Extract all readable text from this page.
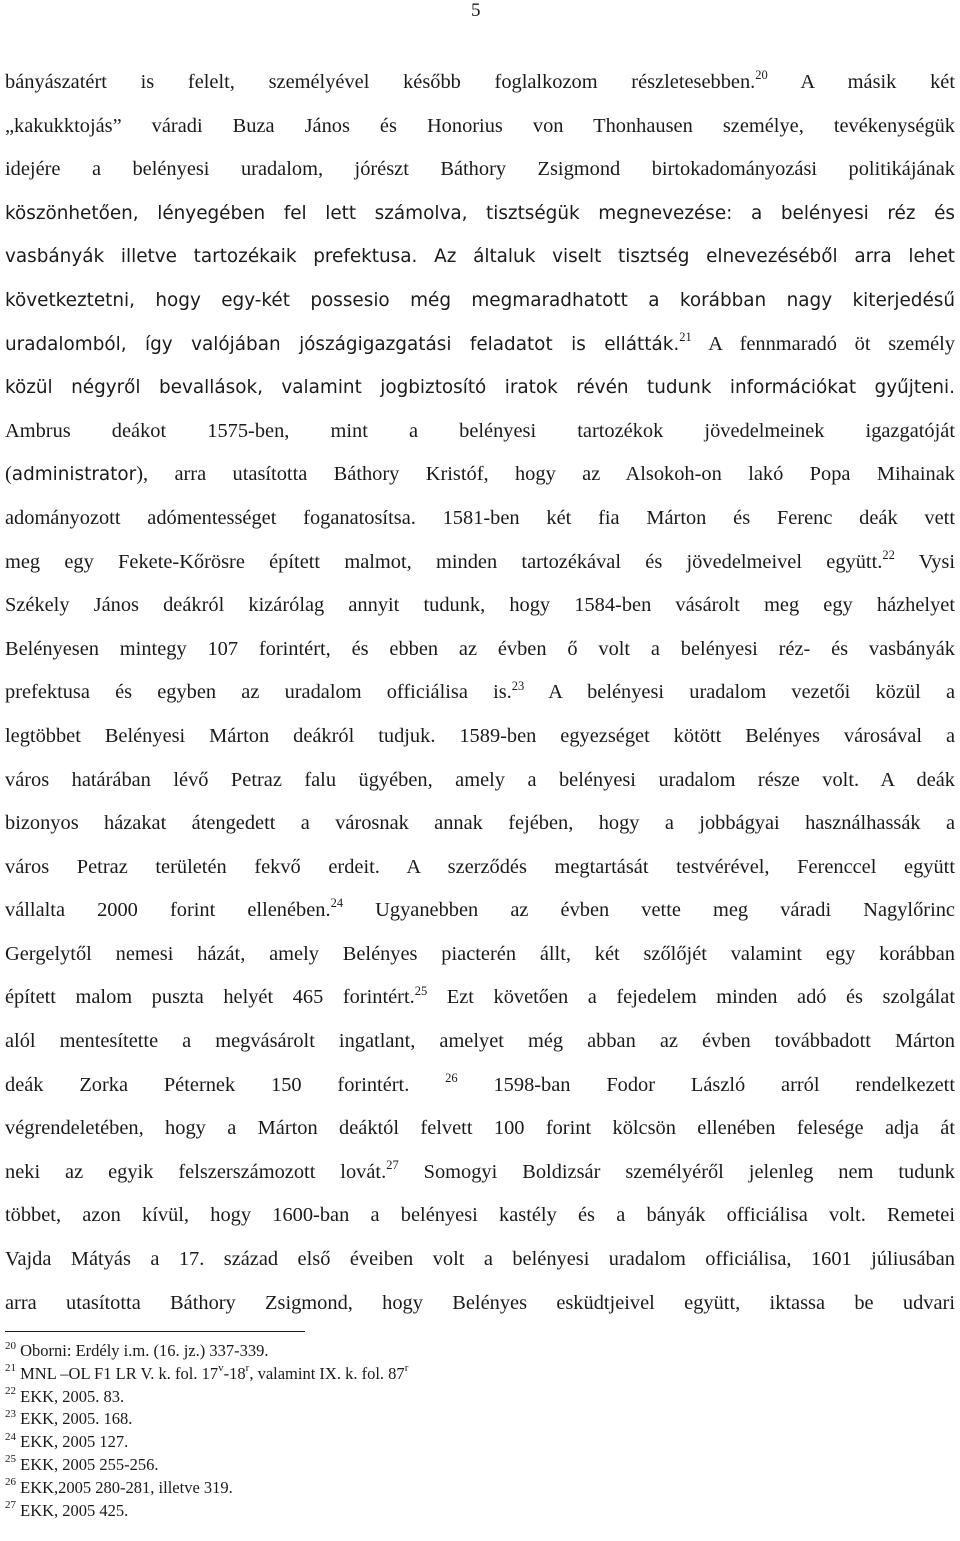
5
bányászatért is felelt, személyével később foglalkozom részletesebben.$^{20}$ A másik két
„kakukktojás” váradi Buza János és Honorius von Thonhausen személye, tevékenységük
idejére a belényesi uradalom, jórészt Báthory Zsigmond birtokadományozási politikájának
köszönhetően, lényegében fel lett számolva, tisztségük megnevezése: a belényesi réz és
vasbányák illetve tartozékaik prefektusa. Az általuk viselt tisztség elnevezéséből arra lehet
következtetni, hogy egy-két possesio még megmaradhatott a korábban nagy kiterjedésű
uradalomból, így valójában jószágigazgatási feladatot is ellátták.$^{21}$ A fennmaradó öt személy
közül négyről bevallások, valamint jogbiztosító iratok révén tudunk információkat gyűjteni.
Ambrus deákot 1575-ben, mint a belényesi tartozékok jövedelmeinek igazgatóját
(administrator), arra utasította Báthory Kristóf, hogy az Alsokoh-on lakó Popa Mihainak
adományozott adómentességet foganatosítsa. 1581-ben két fia Márton és Ferenc deák vett
meg egy Fekete-Kőrösre épített malmot, minden tartozékával és jövedelmeivel együtt.$^{22}$ Vysi
Székely János deákról kizárólag annyit tudunk, hogy 1584-ben vásárolt meg egy házhelyet
Belényesen mintegy 107 forintért, és ebben az évben ő volt a belényesi réz- és vasbányák
prefektusa és egyben az uradalom officiálisa is.$^{23}$ A belényesi uradalom vezetői közül a
legtöbbet Belényesi Márton deákról tudjuk. 1589-ben egyezséget kötött Belényes városával a
város határában lévő Petraz falu ügyében, amely a belényesi uradalom része volt. A deák
bizonyos házakat átengedett a városnak annak fejében, hogy a jobbágyai használhassák a
város Petraz területén fekvő erdeit. A szerződés megtartását testvérével, Ferenccel együtt
vállalta 2000 forint ellenében.$^{24}$ Ugyanebben az évben vette meg váradi Nagylőrinc
Gergelytől nemesi házát, amely Belényes piacterén állt, két szőlőjét valamint egy korábban
épített malom puszta helyét 465 forintért.$^{25}$ Ezt követően a fejedelem minden adó és szolgálat
alól mentesítette a megvásárolt ingatlant, amelyet még abban az évben továbbadott Márton
deák Zorka Péternek 150 forintért. $^{26}$ 1598-ban Fodor László arról rendelkezett
végrendeletében, hogy a Márton deáktól felvett 100 forint kölcsön ellenében felesége adja át
neki az egyik felszerszámozott lovát.$^{27}$ Somogyi Boldizsár személyéről jelenleg nem tudunk
többet, azon kívül, hogy 1600-ban a belényesi kastély és a bányák officiálisa volt. Remetei
Vajda Mátyás a 17. század első éveiben volt a belényesi uradalom officiálisa, 1601 júliusában
arra utasította Báthory Zsigmond, hogy Belényes esküdtjeivel együtt, iktassa be udvari
$^{20}$ Oborni: Erdély i.m. (16. jz.) 337-339.
$^{21}$ MNL –OL F1 LR V. k. fol. 17$^v$-18$^r$, valamint IX. k. fol. 87$^r$
$^{22}$ EKK, 2005. 83.
$^{23}$ EKK, 2005. 168.
$^{24}$ EKK, 2005 127.
$^{25}$ EKK, 2005 255-256.
$^{26}$ EKK,2005 280-281, illetve 319.
$^{27}$ EKK, 2005 425.
